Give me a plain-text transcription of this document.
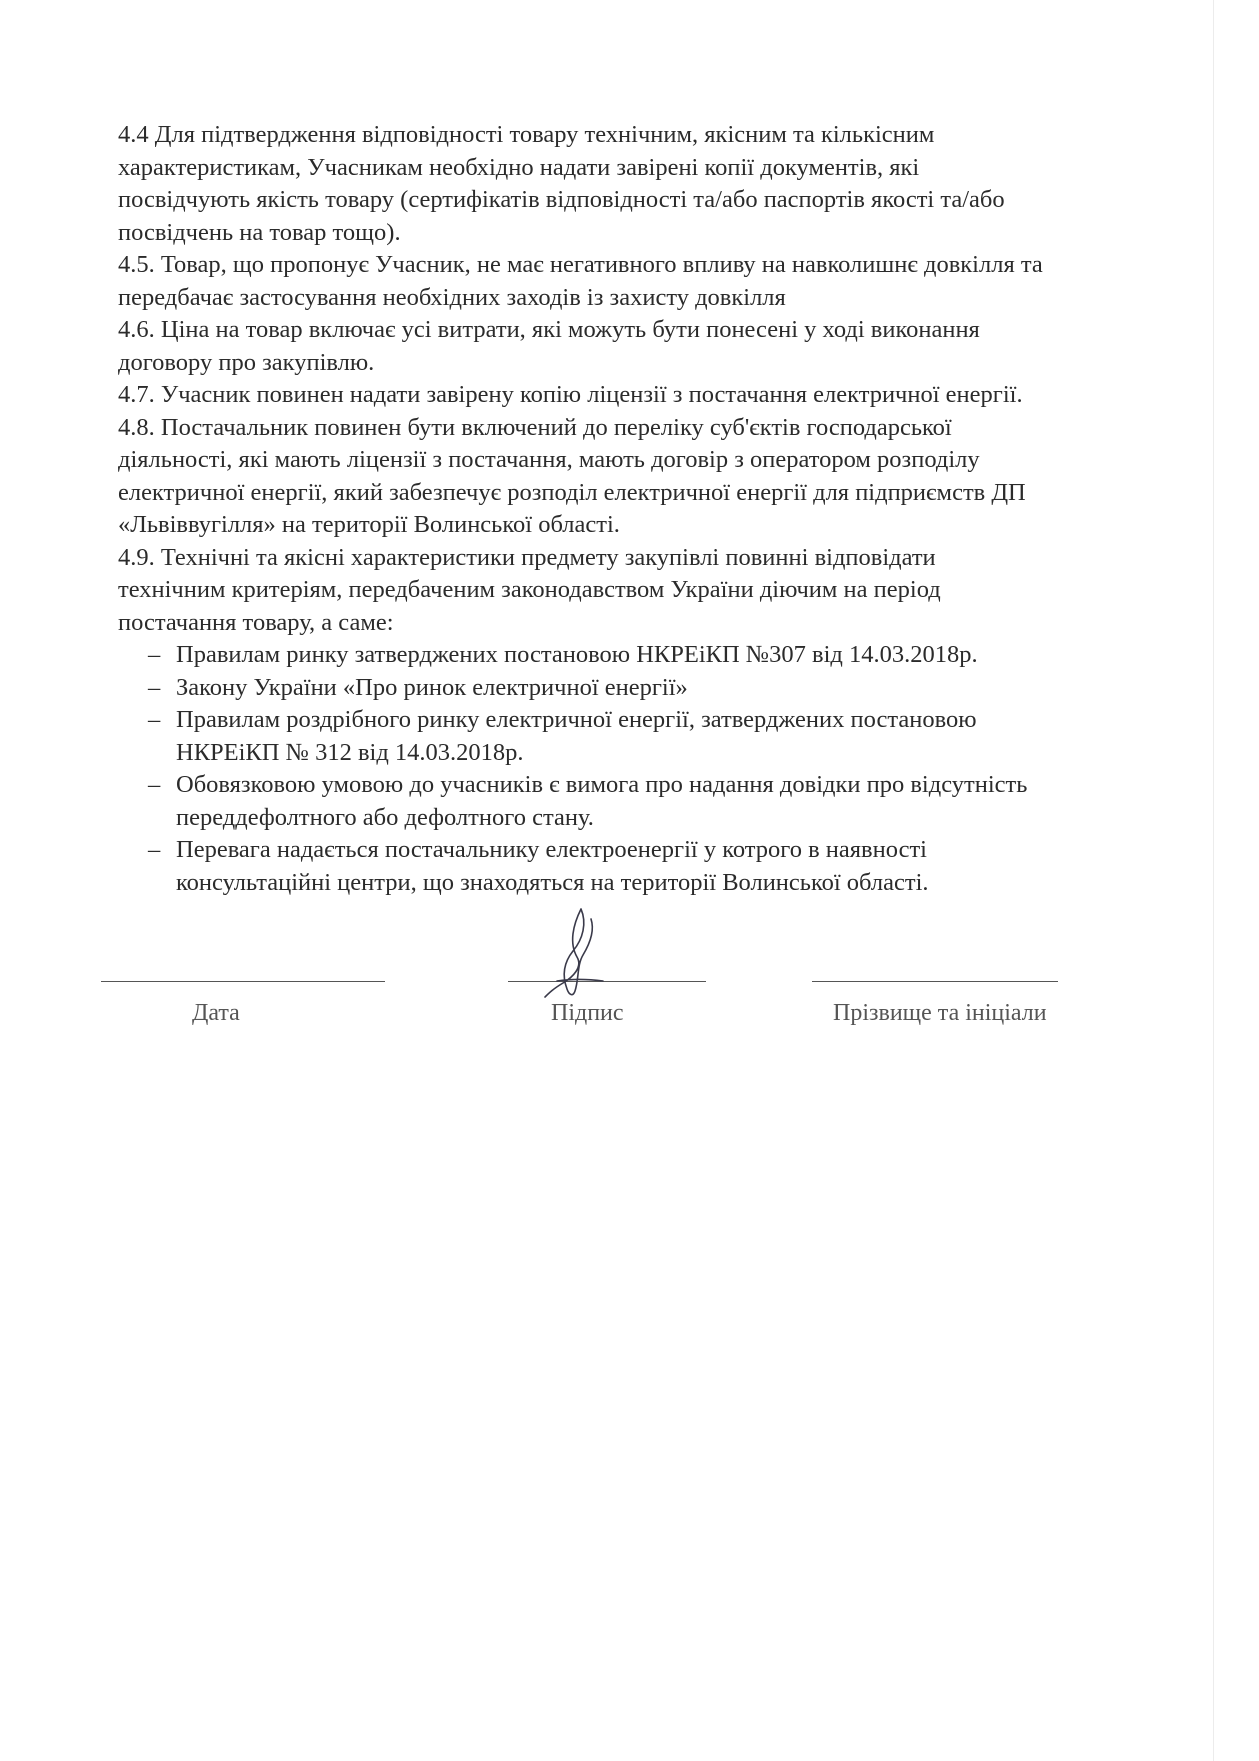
4.4 Для підтвердження відповідності товару технічним, якісним та кількісним
характеристикам, Учасникам необхідно надати завірені копії документів, які
посвідчують якість товару (сертифікатів відповідності та/або паспортів якості та/або
посвідчень на товар тощо).

4.5. Товар, що пропонує Учасник, не має негативного впливу на навколишнє довкілля та
передбачає застосування необхідних заходів із захисту довкілля

4.6. Ціна на товар включає усі витрати, які можуть бути понесені у ході виконання
договору про закупівлю.

4.7. Учасник повинен надати завірену копію ліцензії з постачання електричної енергії.

4.8. Постачальник повинен бути включений до переліку суб'єктів господарської
діяльності, які мають ліцензії з постачання, мають договір з оператором розподілу
електричної енергії, який забезпечує розподіл електричної енергії для підприємств ДП
«Львіввугілля» на території Волинської області.

4.9. Технічні та якісні характеристики предмету закупівлі повинні відповідати
технічним критеріям, передбаченим законодавством України діючим на період
постачання товару, а саме:

– Правилам ринку затверджених постановою НКРЕіКП №307 від 14.03.2018р.
– Закону України «Про ринок електричної енергії»
– Правилам роздрібного ринку електричної енергії, затверджених постановою
НКРЕіКП № 312 від 14.03.2018р.
– Обовязковою умовою до учасників є вимога про надання довідки про відсутність
переддефолтного або дефолтного стану.
– Перевага надається постачальнику електроенергії у котрого в наявності
консультаційні центри, що знаходяться на території Волинської області.
Дата	Підпис	Прізвище та ініціали
